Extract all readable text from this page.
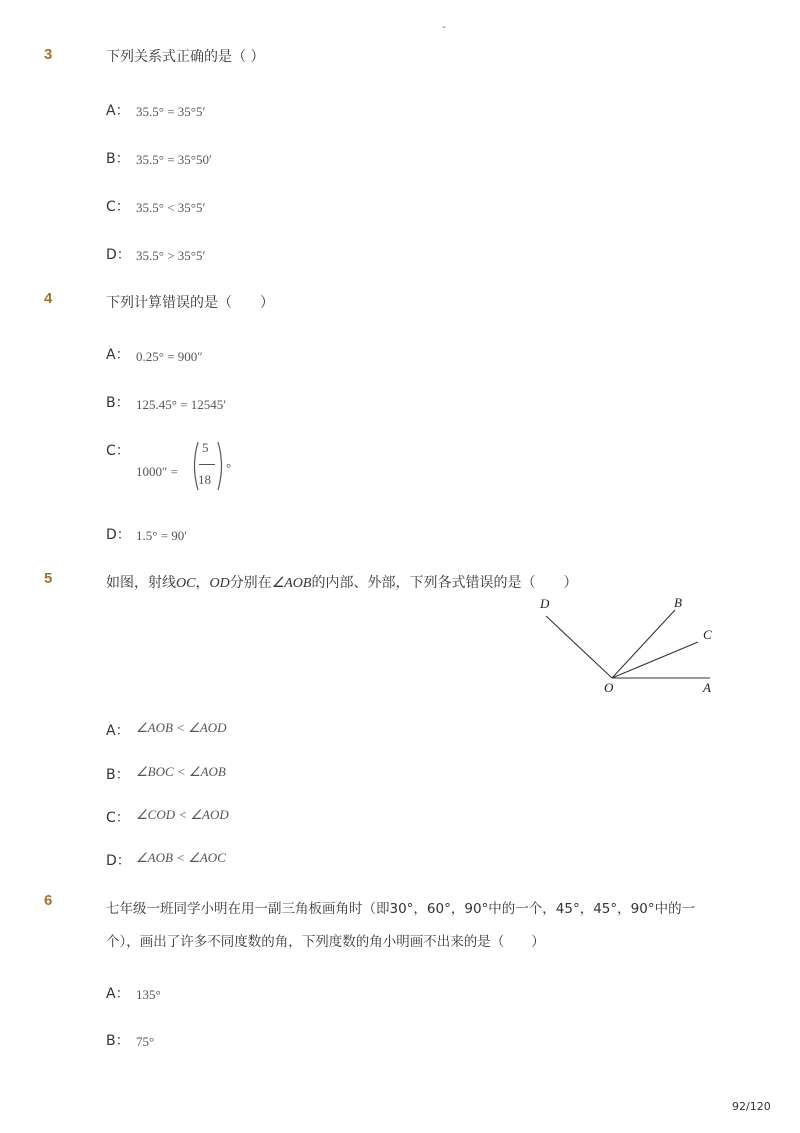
-
3	下列关系式正确的是（ ）
A： 35.5° = 35°5′
B： 35.5° = 35°50′
C： 35.5° < 35°5′
D： 35.5° > 35°5′
4	下列计算错误的是（　　）
A： 0.25° = 900″
B： 125.45° = 12545′
C：
1000″ =
5
18
°
D： 1.5° = 90′
5	如图，射线OC，OD分别在∠AOB的内部、外部，下列各式错误的是（　　）
D	B
C
O	A
A： ∠AOB < ∠AOD
B： ∠BOC < ∠AOB
C： ∠COD < ∠AOD
D： ∠AOB < ∠AOC
6	七年级一班同学小明在用一副三角板画角时（即30°，60°，90°中的一个，45°，45°，90°中的一
个），画出了许多不同度数的角，下列度数的角小明画不出来的是（　　）
A： 135°
B： 75°
92/120
